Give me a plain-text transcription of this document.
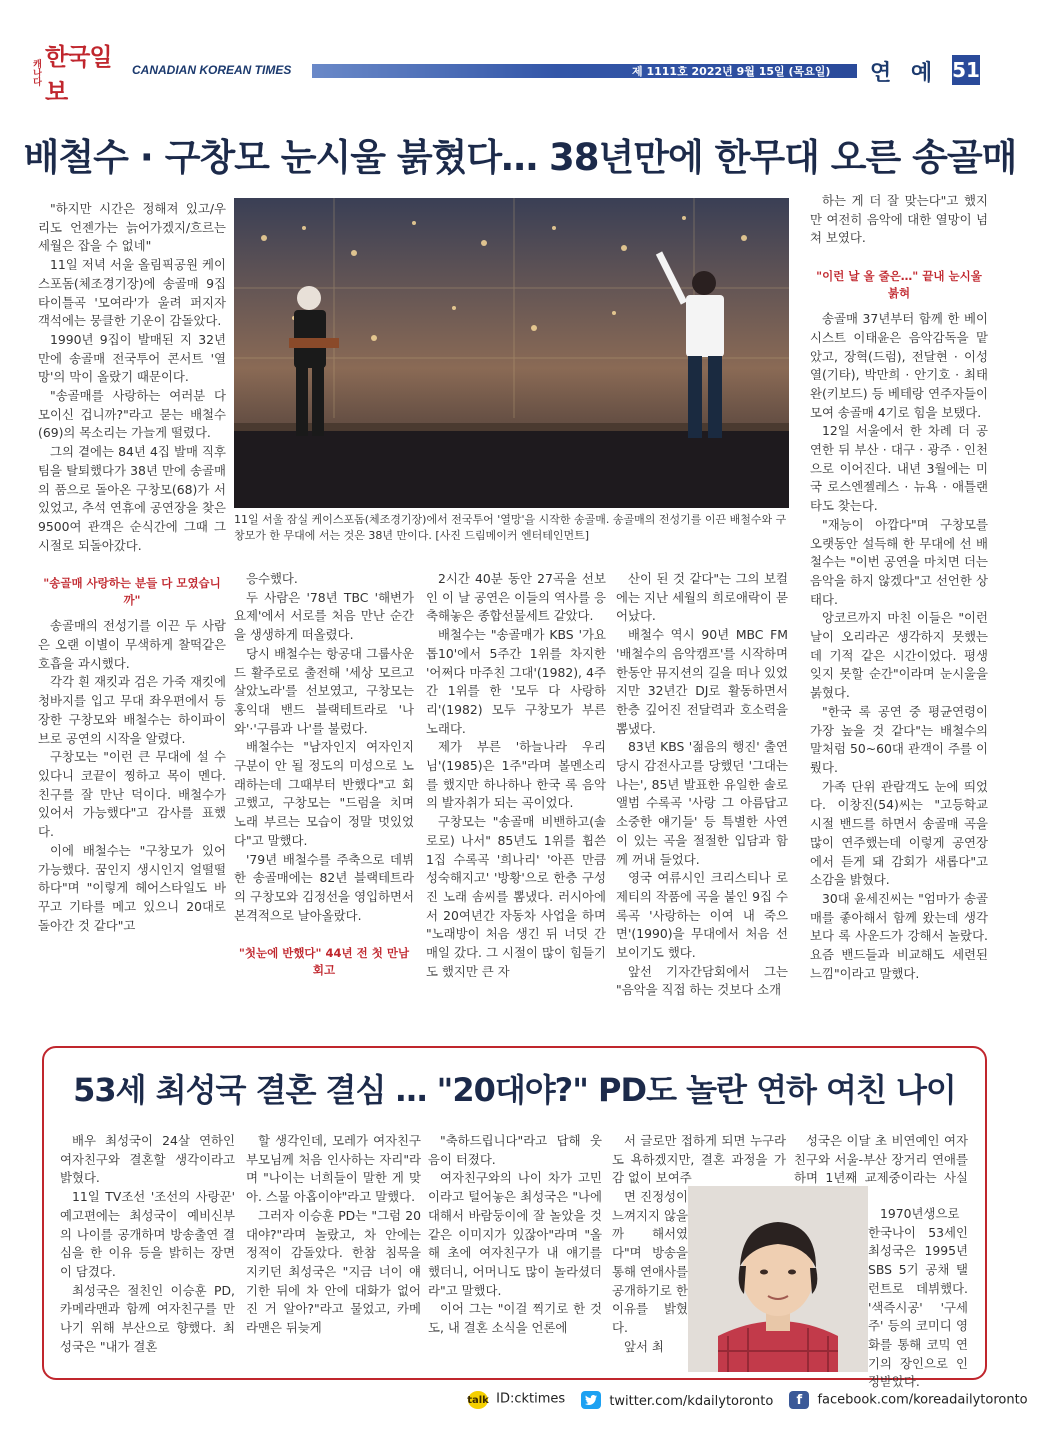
캐나다
한국일보
CANADIAN KOREAN TIMES	제 1111호 2022년 9월 15일 (목요일) 연 예 51
배철수 · 구창모 눈시울 붉혔다… 38년만에 한무대 오른 송골매

"하지만 시간은 정해져 있고/우리도 언젠가는 늙어가겠지/흐르는 세월은 잡을 수 없네"

11일 저녁 서울 올림픽공원 케이스포돔(체조경기장)에 송골매 9집 타이틀곡 '모여라'가 울려 퍼지자 객석에는 뭉클한 기운이 감돌았다.

1990년 9집이 발매된 지 32년 만에 송골매 전국투어 콘서트 '열망'의 막이 올랐기 때문이다.

"송골매를 사랑하는 여러분 다 모이신 겁니까?"라고 묻는 배철수(69)의 목소리는 가늘게 떨렸다.

그의 곁에는 84년 4집 발매 직후 팀을 탈퇴했다가 38년 만에 송골매의 품으로 돌아온 구창모(68)가 서 있었고, 추석 연휴에 공연장을 찾은 9500여 관객은 순식간에 그때 그 시절로 되돌아갔다.

"송골매 사랑하는 분들 다 모였습니까"

송골매의 전성기를 이끈 두 사람은 오랜 이별이 무색하게 찰떡같은 호흡을 과시했다.

각각 흰 재킷과 검은 가죽 재킷에 청바지를 입고 무대 좌우편에서 등장한 구창모와 배철수는 하이파이브로 공연의 시작을 알렸다.

구창모는 "이런 큰 무대에 설 수 있다니 코끝이 찡하고 목이 멘다. 친구를 잘 만난 덕이다. 배철수가 있어서 가능했다"고 감사를 표했다.

이에 배철수는 "구창모가 있어 가능했다. 꿈인지 생시인지 얼떨떨하다"며 "이렇게 헤어스타일도 바꾸고 기타를 메고 있으니 20대로 돌아간 것 같다"고

11일 서울 잠실 케이스포돔(체조경기장)에서 전국투어 '열망'을 시작한 송골매. 송골매의 전성기를 이끈 배철수와 구창모가 한 무대에 서는 것은 38년 만이다. [사진 드림메이커 엔터테인먼트]

응수했다.

두 사람은 '78년 TBC '해변가요제'에서 서로를 처음 만난 순간을 생생하게 떠올렸다.

당시 배철수는 항공대 그룹사운드 활주로로 출전해 '세상 모르고 살았노라'를 선보였고, 구창모는 홍익대 밴드 블랙테트라로 '나와'·'구름과 나'를 불렀다.

배철수는 "남자인지 여자인지 구분이 안 될 정도의 미성으로 노래하는데 그때부터 반했다"고 회고했고, 구창모는 "드럼을 치며 노래 부르는 모습이 정말 멋있었다"고 말했다.

'79년 배철수를 주축으로 데뷔한 송골매에는 82년 블랙테트라의 구창모와 김정선을 영입하면서 본격적으로 날아올랐다.

"첫눈에 반했다" 44년 전 첫 만남 회고

2시간 40분 동안 27곡을 선보인 이 날 공연은 이들의 역사를 응축해놓은 종합선물세트 같았다.

배철수는 "송골매가 KBS '가요톱10'에서 5주간 1위를 차지한 '어쩌다 마주친 그대'(1982), 4주간 1위를 한 '모두 다 사랑하리'(1982) 모두 구창모가 부른 노래다.

제가 부른 '하늘나라 우리님'(1985)은 1주"라며 볼멘소리를 했지만 하나하나 한국 록 음악의 발자취가 되는 곡이었다.

구창모는 "송골매 비밴하고(솔로로) 나서" 85년도 1위를 휩쓴 1집 수록곡 '희나리' '아픈 만큼 성숙해지고' '방황'으로 한층 구성진 노래 솜씨를 뽐냈다. 러시아에서 20여년간 자동차 사업을 하며 "노래방이 처음 생긴 뒤 너덧 간 매일 갔다. 그 시절이 많이 힘들기도 했지만 큰 자

산이 된 것 같다"는 그의 보컬에는 지난 세월의 희로애락이 묻어났다.

배철수 역시 90년 MBC FM '배철수의 음악캠프'를 시작하며 한동안 뮤지션의 길을 떠나 있었지만 32년간 DJ로 활동하면서 한층 깊어진 전달력과 호소력을 뽐냈다.

83년 KBS '젊음의 행진' 출연 당시 감전사고를 당했던 '그대는 나는', 85년 발표한 유일한 솔로 앨범 수록곡 '사랑 그 아름답고 소중한 얘기들' 등 특별한 사연이 있는 곡을 절절한 입담과 함께 꺼내 들었다.

영국 여류시인 크리스티나 로제티의 작품에 곡을 붙인 9집 수록곡 '사랑하는 이여 내 죽으면'(1990)을 무대에서 처음 선보이기도 했다.

앞선 기자간담회에서 그는 "음악을 직접 하는 것보다 소개

하는 게 더 잘 맞는다"고 했지만 여전히 음악에 대한 열망이 넘쳐 보였다.

"이런 날 올 줄은…" 끝내 눈시울 붉혀

송골매 37년부터 함께 한 베이시스트 이태윤은 음악감독을 맡았고, 장혁(드럼), 전달현 · 이성열(기타), 박만희 · 안기호 · 최태완(키보드) 등 베테랑 연주자들이 모여 송골매 4기로 힘을 보탰다.

12일 서울에서 한 차례 더 공연한 뒤 부산 · 대구 · 광주 · 인천으로 이어진다. 내년 3월에는 미국 로스엔젤레스 · 뉴욕 · 애틀랜타도 찾는다.

"재능이 아깝다"며 구창모를 오랫동안 설득해 한 무대에 선 배철수는 "이번 공연을 마치면 더는 음악을 하지 않겠다"고 선언한 상태다.

앙코르까지 마친 이들은 "이런 날이 오리라곤 생각하지 못했는데 기적 같은 시간이었다. 평생 잊지 못할 순간"이라며 눈시울을 붉혔다.

"한국 록 공연 중 평균연령이 가장 높을 것 같다"는 배철수의 말처럼 50~60대 관객이 주를 이뤘다.

가족 단위 관람객도 눈에 띄었다. 이창진(54)씨는 "고등학교 시절 밴드를 하면서 송골매 곡을 많이 연주했는데 이렇게 공연장에서 듣게 돼 감회가 새롭다"고 소감을 밝혔다.

30대 윤세진씨는 "엄마가 송골매를 좋아해서 함께 왔는데 생각보다 록 사운드가 강해서 놀랐다. 요즘 밴드들과 비교해도 세련된 느낌"이라고 말했다.

53세 최성국 결혼 결심 … "20대야?" PD도 놀란 연하 여친 나이

배우 최성국이 24살 연하인 여자친구와 결혼할 생각이라고 밝혔다.

11일 TV조선 '조선의 사랑꾼' 예고편에는 최성국이 예비신부의 나이를 공개하며 방송출연 결심을 한 이유 등을 밝히는 장면이 담겼다.

최성국은 절친인 이승훈 PD, 카메라맨과 함께 여자친구를 만나기 위해 부산으로 향했다. 최성국은 "내가 결혼

할 생각인데, 모레가 여자친구 부모님께 처음 인사하는 자리"라며 "나이는 너희들이 말한 게 맞아. 스물 아홉이야"라고 말했다.

그러자 이승훈 PD는 "그럼 20대야?"라며 놀랐고, 차 안에는 정적이 감돌았다. 한참 침묵을 지키던 최성국은 "지금 너이 얘기한 뒤에 차 안에 대화가 없어진 거 알아?"라고 물었고, 카메라맨은 뒤늦게

"축하드립니다"라고 답해 웃음이 터졌다.

여자친구와의 나이 차가 고민이라고 털어놓은 최성국은 "나에 대해서 바람둥이에 잘 놀았을 것 같은 이미지가 있잖아"라며 "올해 초에 여자친구가 내 얘기를 했더니, 어머니도 많이 놀라셨더라"고 말했다.

이어 그는 "이걸 찍기로 한 것도, 내 결혼 소식을 언론에

서 글로만 접하게 되면 누구라도 욕하겠지만, 결혼 과정을 가감 없이 보여주

면 진정성이 느껴지지 않을까 해서였다"며 방송을 통해 연애사를 공개하기로 한 이유를 밝혔다.

앞서 최

성국은 이달 초 비연예인 여자친구와 서울-부산 장거리 연애를 하며 1년째 교제중이라는 사실

1970년생으로 한국나이 53세인 최성국은 1995년 SBS 5기 공채 탤런트로 데뷔했다. '색즉시공' '구세주' 등의 코미디 영화를 통해 코믹 연기의 장인으로 인정받았다.

talk ID:cktimes	twitter.com/kdailytoronto	f facebook.com/koreadailytoronto
